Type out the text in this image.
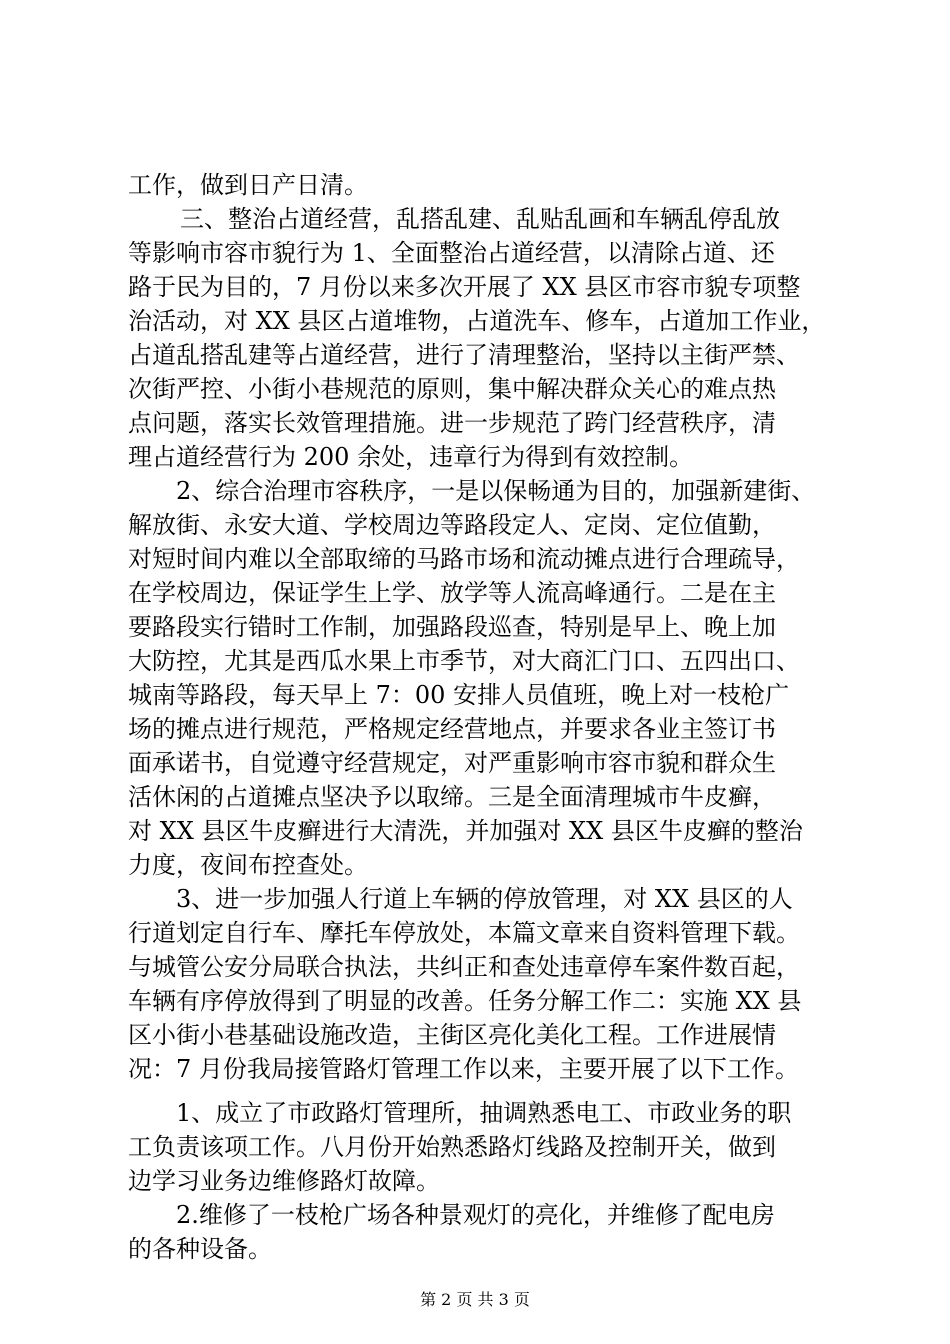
工作，做到日产日清。

三、整治占道经营，乱搭乱建、乱贴乱画和车辆乱停乱放

等影响市容市貌行为 1、全面整治占道经营，以清除占道、还

路于民为目的，7 月份以来多次开展了 XX 县区市容市貌专项整

治活动，对 XX 县区占道堆物，占道洗车、修车，占道加工作业，

占道乱搭乱建等占道经营，进行了清理整治，坚持以主街严禁、

次街严控、小街小巷规范的原则，集中解决群众关心的难点热

点问题，落实长效管理措施。进一步规范了跨门经营秩序，清

理占道经营行为 200 余处，违章行为得到有效控制。

2、综合治理市容秩序，一是以保畅通为目的，加强新建街、

解放街、永安大道、学校周边等路段定人、定岗、定位值勤，

对短时间内难以全部取缔的马路市场和流动摊点进行合理疏导，

在学校周边，保证学生上学、放学等人流高峰通行。二是在主

要路段实行错时工作制，加强路段巡查，特别是早上、晚上加

大防控，尤其是西瓜水果上市季节，对大商汇门口、五四出口、

城南等路段，每天早上 7：00 安排人员值班，晚上对一枝枪广

场的摊点进行规范，严格规定经营地点，并要求各业主签订书

面承诺书，自觉遵守经营规定，对严重影响市容市貌和群众生

活休闲的占道摊点坚决予以取缔。三是全面清理城市牛皮癣，

对 XX 县区牛皮癣进行大清洗，并加强对 XX 县区牛皮癣的整治

力度，夜间布控查处。

3、进一步加强人行道上车辆的停放管理，对 XX 县区的人

行道划定自行车、摩托车停放处，本篇文章来自资料管理下载。

与城管公安分局联合执法，共纠正和查处违章停车案件数百起，

车辆有序停放得到了明显的改善。任务分解工作二：实施 XX 县

区小街小巷基础设施改造，主街区亮化美化工程。工作进展情

况：7 月份我局接管路灯管理工作以来，主要开展了以下工作。

1、成立了市政路灯管理所，抽调熟悉电工、市政业务的职

工负责该项工作。八月份开始熟悉路灯线路及控制开关，做到

边学习业务边维修路灯故障。

2.维修了一枝枪广场各种景观灯的亮化，并维修了配电房

的各种设备。

第 2 页 共 3 页
